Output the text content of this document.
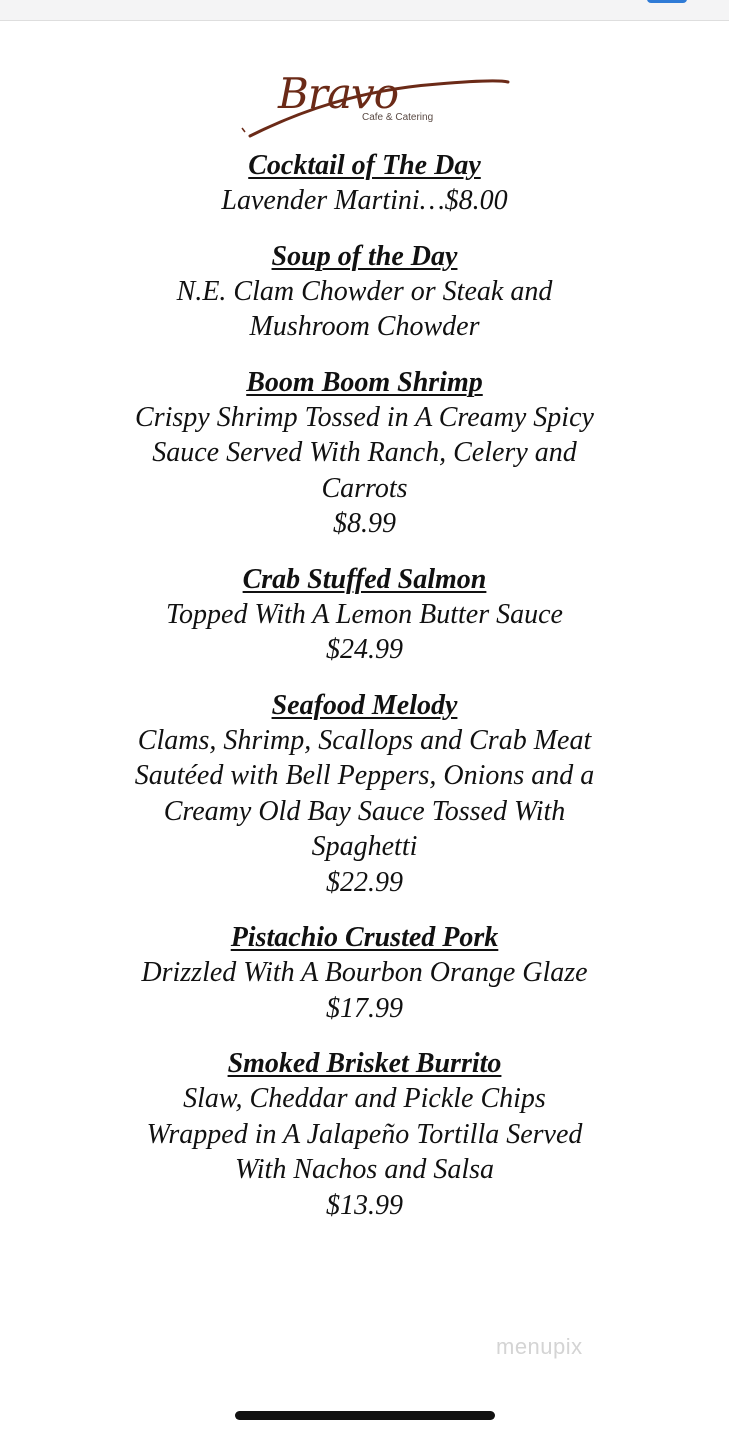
Bravo
Cafe & Catering
Cocktail of The Day
Lavender Martini…$8.00
Soup of the Day
N.E. Clam Chowder or Steak and
Mushroom Chowder
Boom Boom Shrimp
Crispy Shrimp Tossed in A Creamy Spicy
Sauce Served With Ranch, Celery and
Carrots
$8.99
Crab Stuffed Salmon
Topped With A Lemon Butter Sauce
$24.99
Seafood Melody
Clams, Shrimp, Scallops and Crab Meat
Sautéed with Bell Peppers, Onions and a
Creamy Old Bay Sauce Tossed With
Spaghetti
$22.99
Pistachio Crusted Pork
Drizzled With A Bourbon Orange Glaze
$17.99
Smoked Brisket Burrito
Slaw, Cheddar and Pickle Chips
Wrapped in A Jalapeño Tortilla Served
With Nachos and Salsa
$13.99
menupix
